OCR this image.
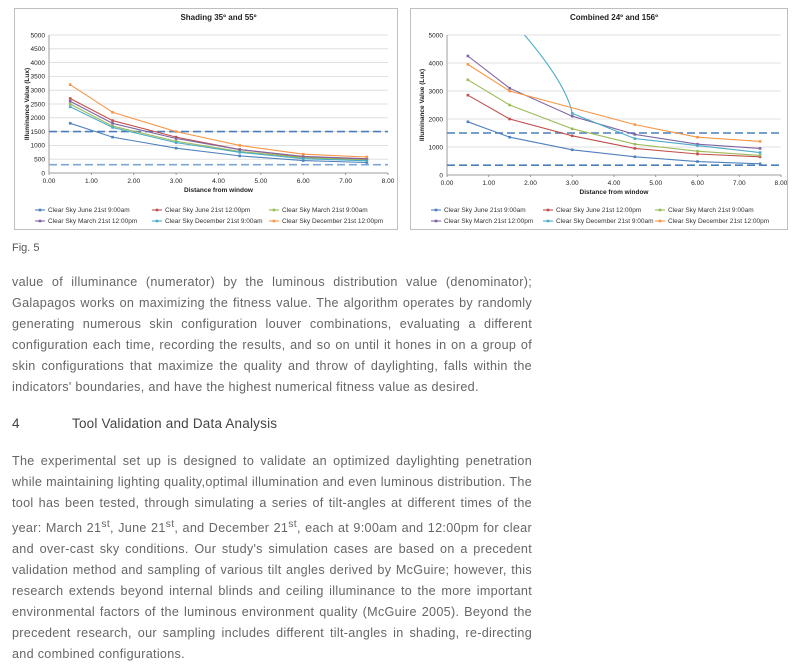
Shading 35º and 55º
0
500
1000
1500
2000
2500
3000
3500
4000
4500
5000
0.00	1.00	2.00	3.00	4.00	5.00	6.00	7.00	8.00
Distance from window
Illuminance Value (Lux)
Clear Sky June 21st 9:00am	Clear Sky June 21st 12:00pm	Clear Sky March 21st 9:00am
Clear Sky March 21st 12:00pm	Clear Sky December 21st 9:00am	Clear Sky December 21st 12:00pm
Combined 24º and 156º
0
1000
2000
3000
4000
5000
0.00	1.00	2.00	3.00	4.00	5.00	6.00	7.00	8.00
Distance from window
Illuminance Value (Lux)
Clear Sky June 21st 9:00am	Clear Sky June 21st 12:00pm	Clear Sky March 21st 9:00am
Clear Sky March 21st 12:00pm	Clear Sky December 21st 9:00am Clear Sky December 21st 12:00pm
Fig. 5
value of illuminance (numerator) by the luminous distribution value (denominator); Galapagos works on maximizing the fitness value. The algorithm operates by randomly generating numerous skin configuration louver combinations, evaluating a different configuration each time, recording the results, and so on until it hones in on a group of skin configurations that maximize the quality and throw of daylighting, falls within the indicators' boundaries, and have the highest numerical fitness value as desired.
4	Tool Validation and Data Analysis
The experimental set up is designed to validate an optimized daylighting penetration while maintaining lighting quality,optimal illumination and even luminous distribution. The tool has been tested, through simulating a series of tilt-angles at different times of the year: March 21st, June 21st, and December 21st, each at 9:00am and 12:00pm for clear and over-cast sky conditions. Our study's simulation cases are based on a precedent validation method and sampling of various tilt angles derived by McGuire; however, this research extends beyond internal blinds and ceiling illuminance to the more important environmental factors of the luminous environment quality (McGuire 2005). Beyond the precedent research, our sampling includes different tilt-angles in shading, re-directing and combined configurations.
